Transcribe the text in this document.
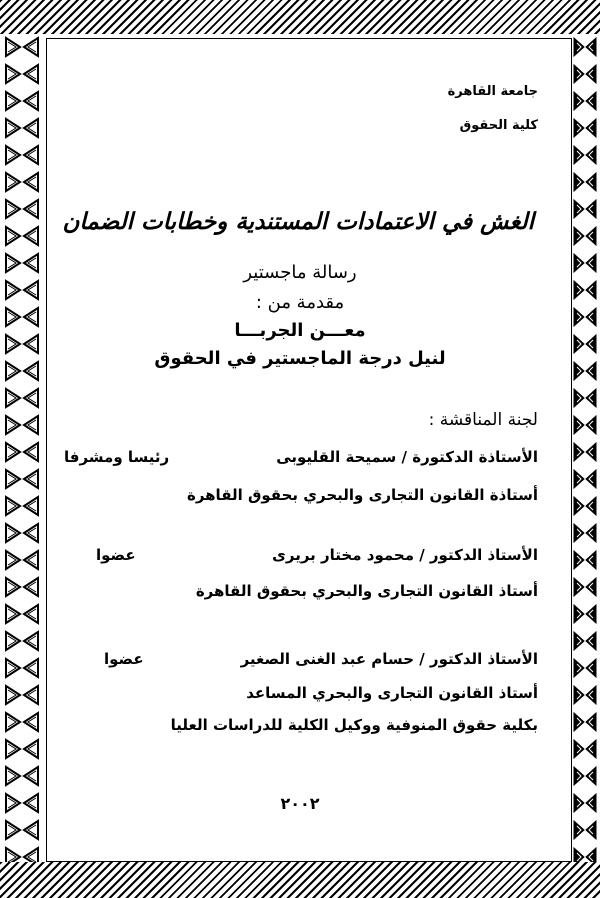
جامعة القاهرة
كلية الحقوق
الغش في الاعتمادات المستندية وخطابات الضمان
رسالة ماجستير
مقدمة من :
معـــن الجربـــا
لنيل درجة الماجستير في الحقوق
لجنة المناقشة :
الأستاذة الدكتورة / سميحة القليوبى
رئيسا ومشرفا
أستاذة القانون التجارى والبحري بحقوق القاهرة
الأستاذ الدكتور / محمود مختار بريرى
عضوا
أستاذ القانون التجارى والبحري بحقوق القاهرة
الأستاذ الدكتور / حسام عبد الغنى الصغير
عضوا
أستاذ القانون التجارى والبحري المساعد
بكلية حقوق المنوفية ووكيل الكلية للدراسات العليا
٢٠٠٢
